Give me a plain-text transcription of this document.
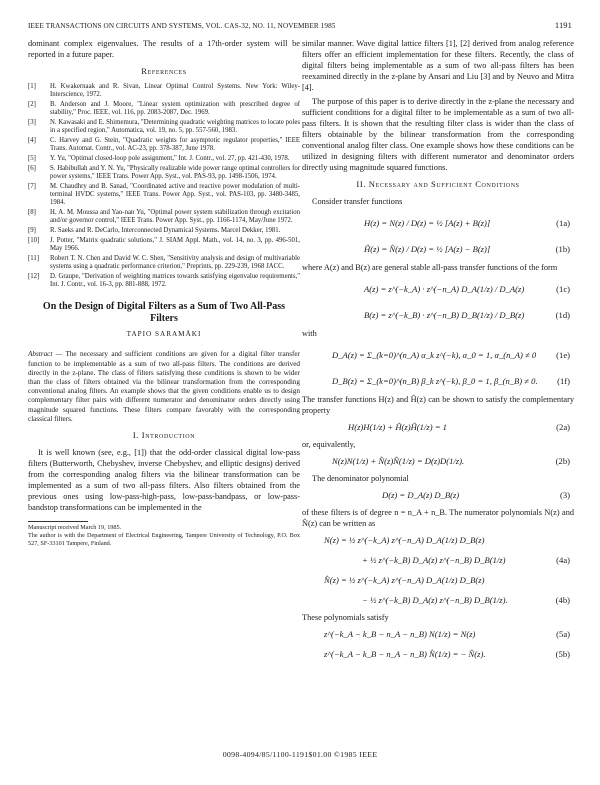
IEEE TRANSACTIONS ON CIRCUITS AND SYSTEMS, VOL. CAS-32, NO. 11, NOVEMBER 1985	1191

dominant complex eigenvalues. The results of a 17th-order system will be reported in a future paper.

References
[1] H. Kwakernaak and R. Sivan, Linear Optimal Control Systems. New York: Wiley-Interscience, 1972.
[2] B. Anderson and J. Moore, "Linear system optimization with prescribed degree of stability," Proc. IEEE, vol. 116, pp. 2083-2087, Dec. 1969.
[3] N. Kawasaki and E. Shimemura, "Determining quadratic weighting matrices to locate poles in a specified region," Automatica, vol. 19, no. 5, pp. 557-560, 1983.
[4] C. Harvey and G. Stein, "Quadratic weights for asymptotic regulator properties," IEEE Trans. Automat. Contr., vol. AC-23, pp. 378-387, June 1978.
[5] Y. Yu, "Optimal closed-loop pole assignment," Int. J. Contr., vol. 27, pp. 421-430, 1978.
[6] S. Habibullah and Y. N. Yu, "Physically realizable wide power range optimal controllers for power systems," IEEE Trans. Power App. Syst., vol. PAS-93, pp. 1498-1506, 1974.
[7] M. Chaudhry and B. Sanad, "Coordinated active and reactive power modulation of multi-terminal HVDC systems," IEEE Trans. Power App. Syst., vol. PAS-103, pp. 3480-3485, 1984.
[8] H. A. M. Moussa and Yao-nan Yu, "Optimal power system stabilization through excitation and/or governor control," IEEE Trans. Power App. Syst., pp. 1166-1174, May/June 1972.
[9] R. Saeks and R. DeCarlo, Interconnected Dynamical Systems. Marcel Dekker, 1981.
[10] J. Potter, "Matrix quadratic solutions," J. SIAM Appl. Math., vol. 14, no. 3, pp. 496-501, May 1966.
[11] Robert T. N. Chen and David W. C. Shen, "Sensitivity analysis and design of multivariable systems using a quadratic performance criterion," Preprints, pp. 229-239, 1968 JACC.
[12] D. Graupe, "Derivation of weighting matrices towards satisfying eigenvalue requirements," Int. J. Contr., vol. 16-3, pp. 881-888, 1972.
On the Design of Digital Filters as a Sum of Two All-Pass Filters
TAPIO SARAMÄKI
Abstract — The necessary and sufficient conditions are given for a digital filter transfer function to be implementable as a sum of two all-pass filters. The conditions are derived directly in the z-plane. The class of filters satisfying these conditions is shown to be wider than the class of filters obtained via the bilinear transformation from the corresponding conventional analog filters. An example shows that the given conditions enable us to design complementary filter pairs with different numerator and denominator orders directly using magnitude squared functions. These filters compare favorably with the corresponding classical filters.
I. Introduction

It is well known (see, e.g., [1]) that the odd-order classical digital low-pass filters (Butterworth, Chebyshev, inverse Chebyshev, and elliptic designs) derived from the corresponding analog filters via the bilinear transformation can be implemented as a sum of two all-pass filters. Also filters obtained from the previous ones using low-pass-high-pass, low-pass-bandpass, or low-pass-bandstop transformations can be implemented in the

Manuscript received March 19, 1985.
The author is with the Department of Electrical Engineering, Tampere University of Technology, P.O. Box 527, SF-33101 Tampere, Finland.

similar manner. Wave digital lattice filters [1], [2] derived from analog reference filters offer an efficient implementation for these filters. Recently, the class of digital filters being implementable as a sum of two all-pass filters has been reexamined directly in the z-plane by Ansari and Liu [3] and by Neuvo and Mitra [4].

The purpose of this paper is to derive directly in the z-plane the necessary and sufficient conditions for a digital filter to be implementable as a sum of two all-pass filters. It is shown that the resulting filter class is wider than the class of filters obtainable by the bilinear transformation from the corresponding conventional analog filter class. One example shows how these conditions can be utilized in designing filters with different numerator and denominator orders directly using magnitude squared functions.

II. Necessary and Sufficient Conditions

Consider transfer functions

H(z) = N(z) / D(z) = ½ [A(z) + B(z)]	(1a)
Ĥ(z) = N̂(z) / D(z) = ½ [A(z) − B(z)]	(1b)

where A(z) and B(z) are general stable all-pass transfer functions of the form

A(z) = z^(−k_A) · z^(−n_A) D_A(1/z) / D_A(z)	(1c)
B(z) = z^(−k_B) · z^(−n_B) D_B(1/z) / D_B(z)	(1d)

with

D_A(z) = Σ_(k=0)^(n_A) α_k z^(−k), α_0 = 1, α_(n_A) ≠ 0 (1e)
D_B(z) = Σ_(k=0)^(n_B) β_k z^(−k), β_0 = 1, β_(n_B) ≠ 0. (1f)

The transfer functions H(z) and Ĥ(z) can be shown to satisfy the complementary property

H(z)H(1/z) + Ĥ(z)Ĥ(1/z) = 1	(2a)

or, equivalently,

N(z)N(1/z) + N̂(z)N̂(1/z) = D(z)D(1/z).	(2b)

The denominator polynomial

D(z) = D_A(z) D_B(z)	(3)

of these filters is of degree n = n_A + n_B. The numerator polynomials N(z) and N̂(z) can be written as

N(z) = ½ z^(−k_A) z^(−n_A) D_A(1/z) D_B(z)
+ ½ z^(−k_B) D_A(z) z^(−n_B) D_B(1/z)	(4a)
N̂(z) = ½ z^(−k_A) z^(−n_A) D_A(1/z) D_B(z)
− ½ z^(−k_B) D_A(z) z^(−n_B) D_B(1/z).	(4b)

These polynomials satisfy

z^(−k_A − k_B − n_A − n_B) N(1/z) = N(z)	(5a)
z^(−k_A − k_B − n_A − n_B) N̂(1/z) = − N̂(z).	(5b)
0098-4094/85/1100-1191$01.00 ©1985 IEEE
